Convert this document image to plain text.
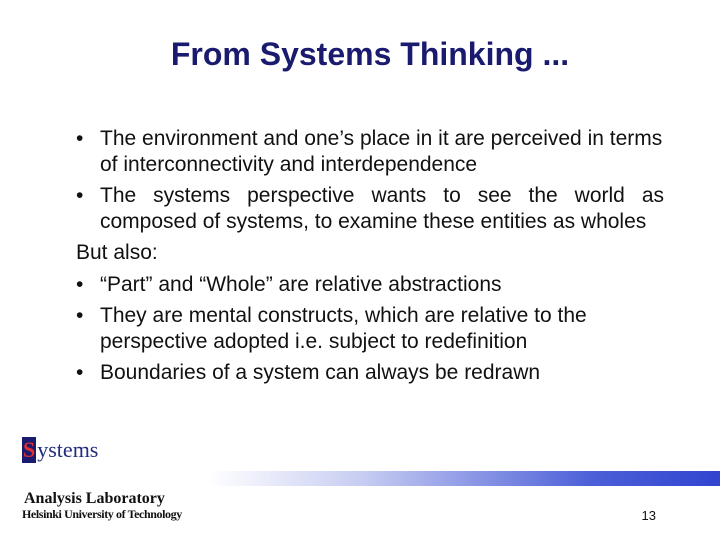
From Systems Thinking ...
• The environment and one’s place in it are perceived in terms of interconnectivity and interdependence
• The systems perspective wants to see the world as composed of systems, to examine these entities as wholes
But also:
• “Part” and “Whole” are relative abstractions
• They are mental constructs, which are relative to the perspective adopted i.e. subject to redefinition
• Boundaries of a system can always be redrawn
Systems
Analysis Laboratory
Helsinki University of Technology	13
